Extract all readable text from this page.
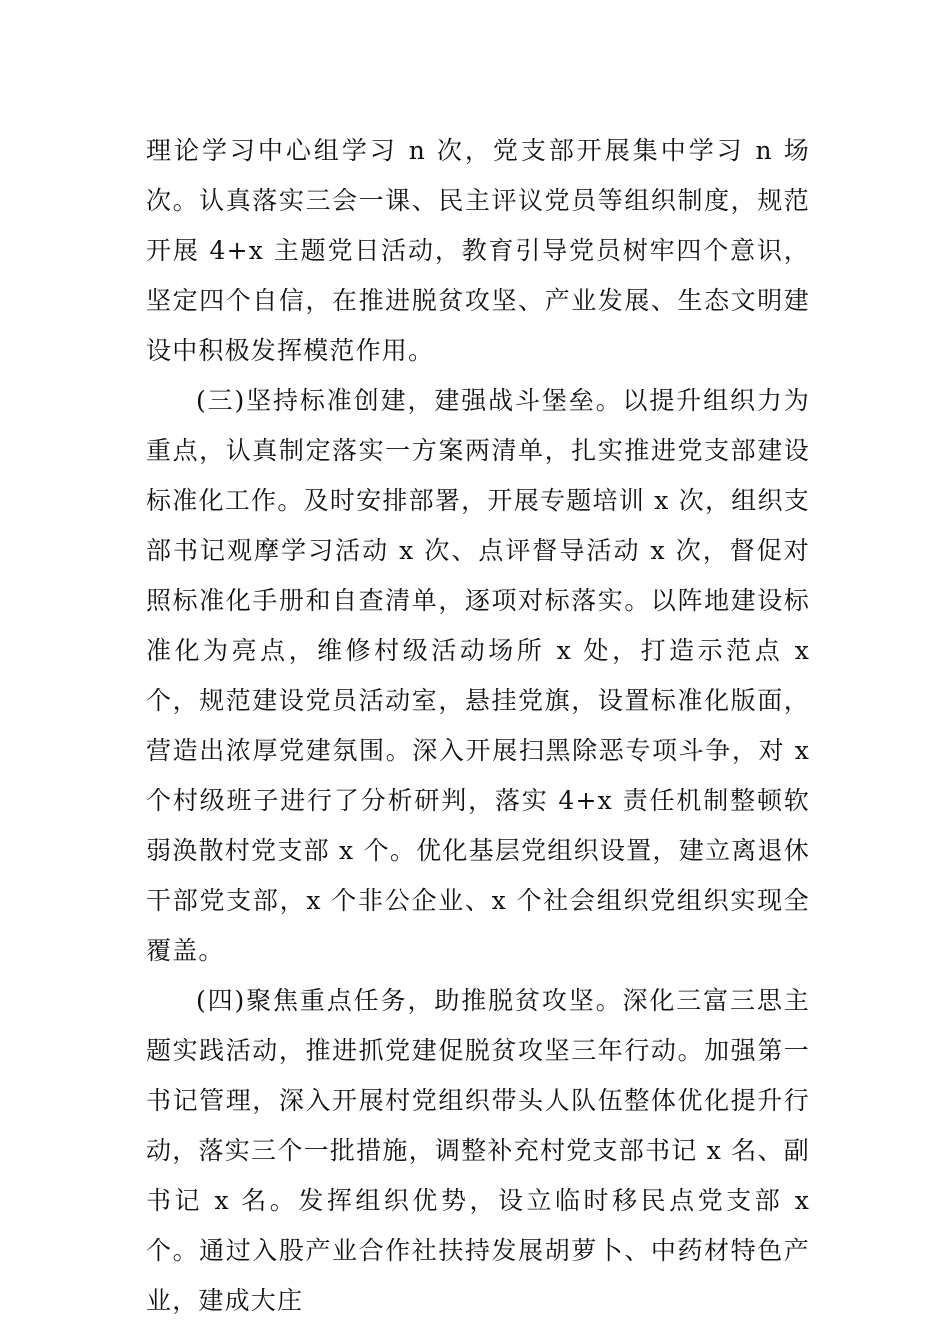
理论学习中心组学习 n 次，党支部开展集中学习 n 场次。认真落实三会一课、民主评议党员等组织制度，规范开展 4+x 主题党日活动，教育引导党员树牢四个意识，坚定四个自信，在推进脱贫攻坚、产业发展、生态文明建设中积极发挥模范作用。

(三)坚持标准创建，建强战斗堡垒。以提升组织力为重点，认真制定落实一方案两清单，扎实推进党支部建设标准化工作。及时安排部署，开展专题培训 x 次，组织支部书记观摩学习活动 x 次、点评督导活动 x 次，督促对照标准化手册和自查清单，逐项对标落实。以阵地建设标准化为亮点，维修村级活动场所 x 处，打造示范点 x 个，规范建设党员活动室，悬挂党旗，设置标准化版面，营造出浓厚党建氛围。深入开展扫黑除恶专项斗争，对 x 个村级班子进行了分析研判，落实 4+x 责任机制整顿软弱涣散村党支部 x 个。优化基层党组织设置，建立离退休干部党支部，x 个非公企业、x 个社会组织党组织实现全覆盖。

(四)聚焦重点任务，助推脱贫攻坚。深化三富三思主题实践活动，推进抓党建促脱贫攻坚三年行动。加强第一书记管理，深入开展村党组织带头人队伍整体优化提升行动，落实三个一批措施，调整补充村党支部书记 x 名、副书记 x 名。发挥组织优势，设立临时移民点党支部 x 个。通过入股产业合作社扶持发展胡萝卜、中药材特色产业，建成大庄
